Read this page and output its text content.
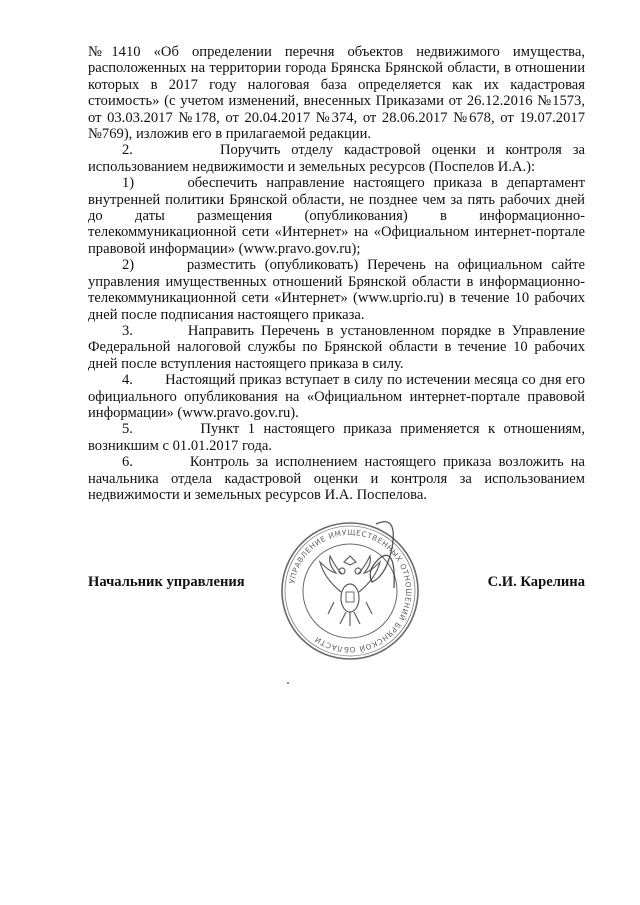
№1410 «Об определении перечня объектов недвижимого имущества, расположенных на территории города Брянска Брянской области, в отношении которых в 2017 году налоговая база определяется как их кадастровая стоимость» (с учетом изменений, внесенных Приказами от 26.12.2016 №1573, от 03.03.2017 №178, от 20.04.2017 №374, от 28.06.2017 №678, от 19.07.2017 №769), изложив его в прилагаемой редакции.

2.        Поручить отделу кадастровой оценки и контроля за использованием недвижимости и земельных ресурсов (Поспелов И.А.):

1)      обеспечить направление настоящего приказа в департамент внутренней политики Брянской области, не позднее чем за пять рабочих дней до даты размещения (опубликования) в информационно-телекоммуникационной сети «Интернет» на «Официальном интернет-портале правовой информации» (www.pravo.gov.ru);

2)      разместить (опубликовать) Перечень на официальном сайте управления имущественных отношений Брянской области в информационно-телекоммуникационной сети «Интернет» (www.uprio.ru) в течение 10 рабочих дней после подписания настоящего приказа.

3.        Направить Перечень в установленном порядке в Управление Федеральной налоговой службы по Брянской области в течение 10 рабочих дней после вступления настоящего приказа в силу.

4.        Настоящий приказ вступает в силу по истечении месяца со дня его официального опубликования на «Официальном интернет-портале правовой информации» (www.pravo.gov.ru).

5.        Пункт 1 настоящего приказа применяется к отношениям, возникшим с 01.01.2017 года.

6.        Контроль за исполнением настоящего приказа возложить на начальника отдела кадастровой оценки и контроля за использованием недвижимости и земельных ресурсов И.А. Поспелова.

Начальник управления	С.И. Карелина
УПРАВЛЕНИЕ ИМУЩЕСТВЕННЫХ ОТНОШЕНИЙ БРЯНСКОЙ ОБЛАСТИ
